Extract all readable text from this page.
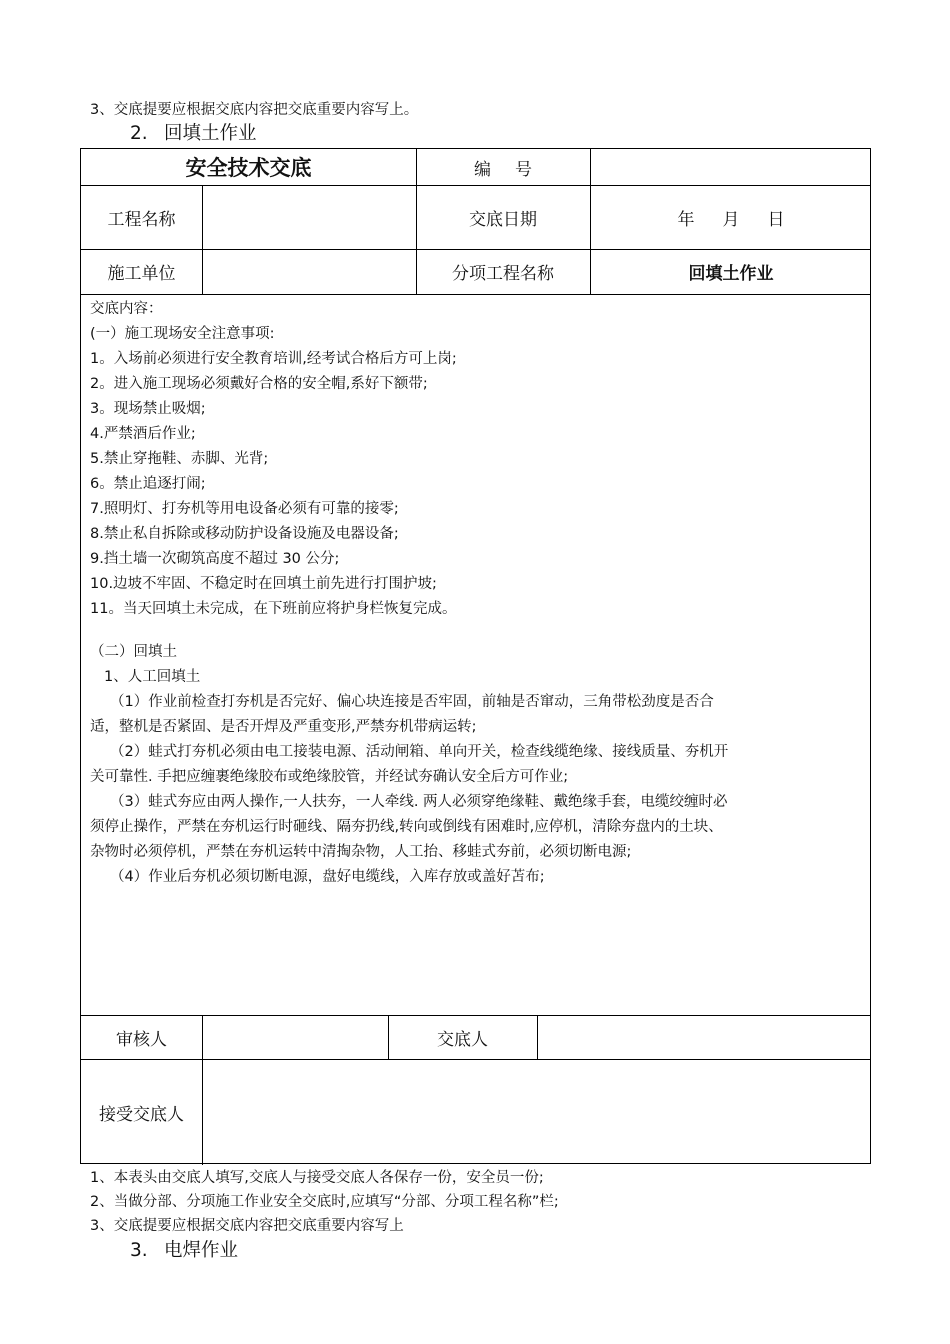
3、交底提要应根据交底内容把交底重要内容写上。
2. 回填土作业
安全技术交底	编号
工程名称	交底日期	年 月 日
施工单位	分项工程名称	回填土作业
交底内容：
(一）施工现场安全注意事项:
1。入场前必须进行安全教育培训,经考试合格后方可上岗;
2。进入施工现场必须戴好合格的安全帽,系好下额带;
3。现场禁止吸烟;
4.严禁酒后作业;
5.禁止穿拖鞋、赤脚、光背;
6。禁止追逐打闹;
7.照明灯、打夯机等用电设备必须有可靠的接零;
8.禁止私自拆除或移动防护设备设施及电器设备;
9.挡土墙一次砌筑高度不超过 30 公分;
10.边坡不牢固、不稳定时在回填土前先进行打围护坡;
11。当天回填土未完成，在下班前应将护身栏恢复完成。
（二）回填土
1、人工回填土
（1）作业前检查打夯机是否完好、偏心块连接是否牢固，前轴是否窜动，三角带松劲度是否合
适，整机是否紧固、是否开焊及严重变形,严禁夯机带病运转;
（2）蛙式打夯机必须由电工接装电源、活动闸箱、单向开关，检查线缆绝缘、接线质量、夯机开
关可靠性. 手把应缠裹绝缘胶布或绝缘胶管，并经试夯确认安全后方可作业;
（3）蛙式夯应由两人操作,一人扶夯，一人牵线. 两人必须穿绝缘鞋、戴绝缘手套，电缆绞缠时必
须停止操作，严禁在夯机运行时砸线、隔夯扔线,转向或倒线有困难时,应停机，清除夯盘内的土块、
杂物时必须停机，严禁在夯机运转中清掏杂物，人工抬、移蛙式夯前，必须切断电源;
（4）作业后夯机必须切断电源，盘好电缆线，入库存放或盖好苫布;
审核人	交底人
接受交底人
1、本表头由交底人填写,交底人与接受交底人各保存一份，安全员一份;
2、当做分部、分项施工作业安全交底时,应填写“分部、分项工程名称”栏;
3、交底提要应根据交底内容把交底重要内容写上
3. 电焊作业
